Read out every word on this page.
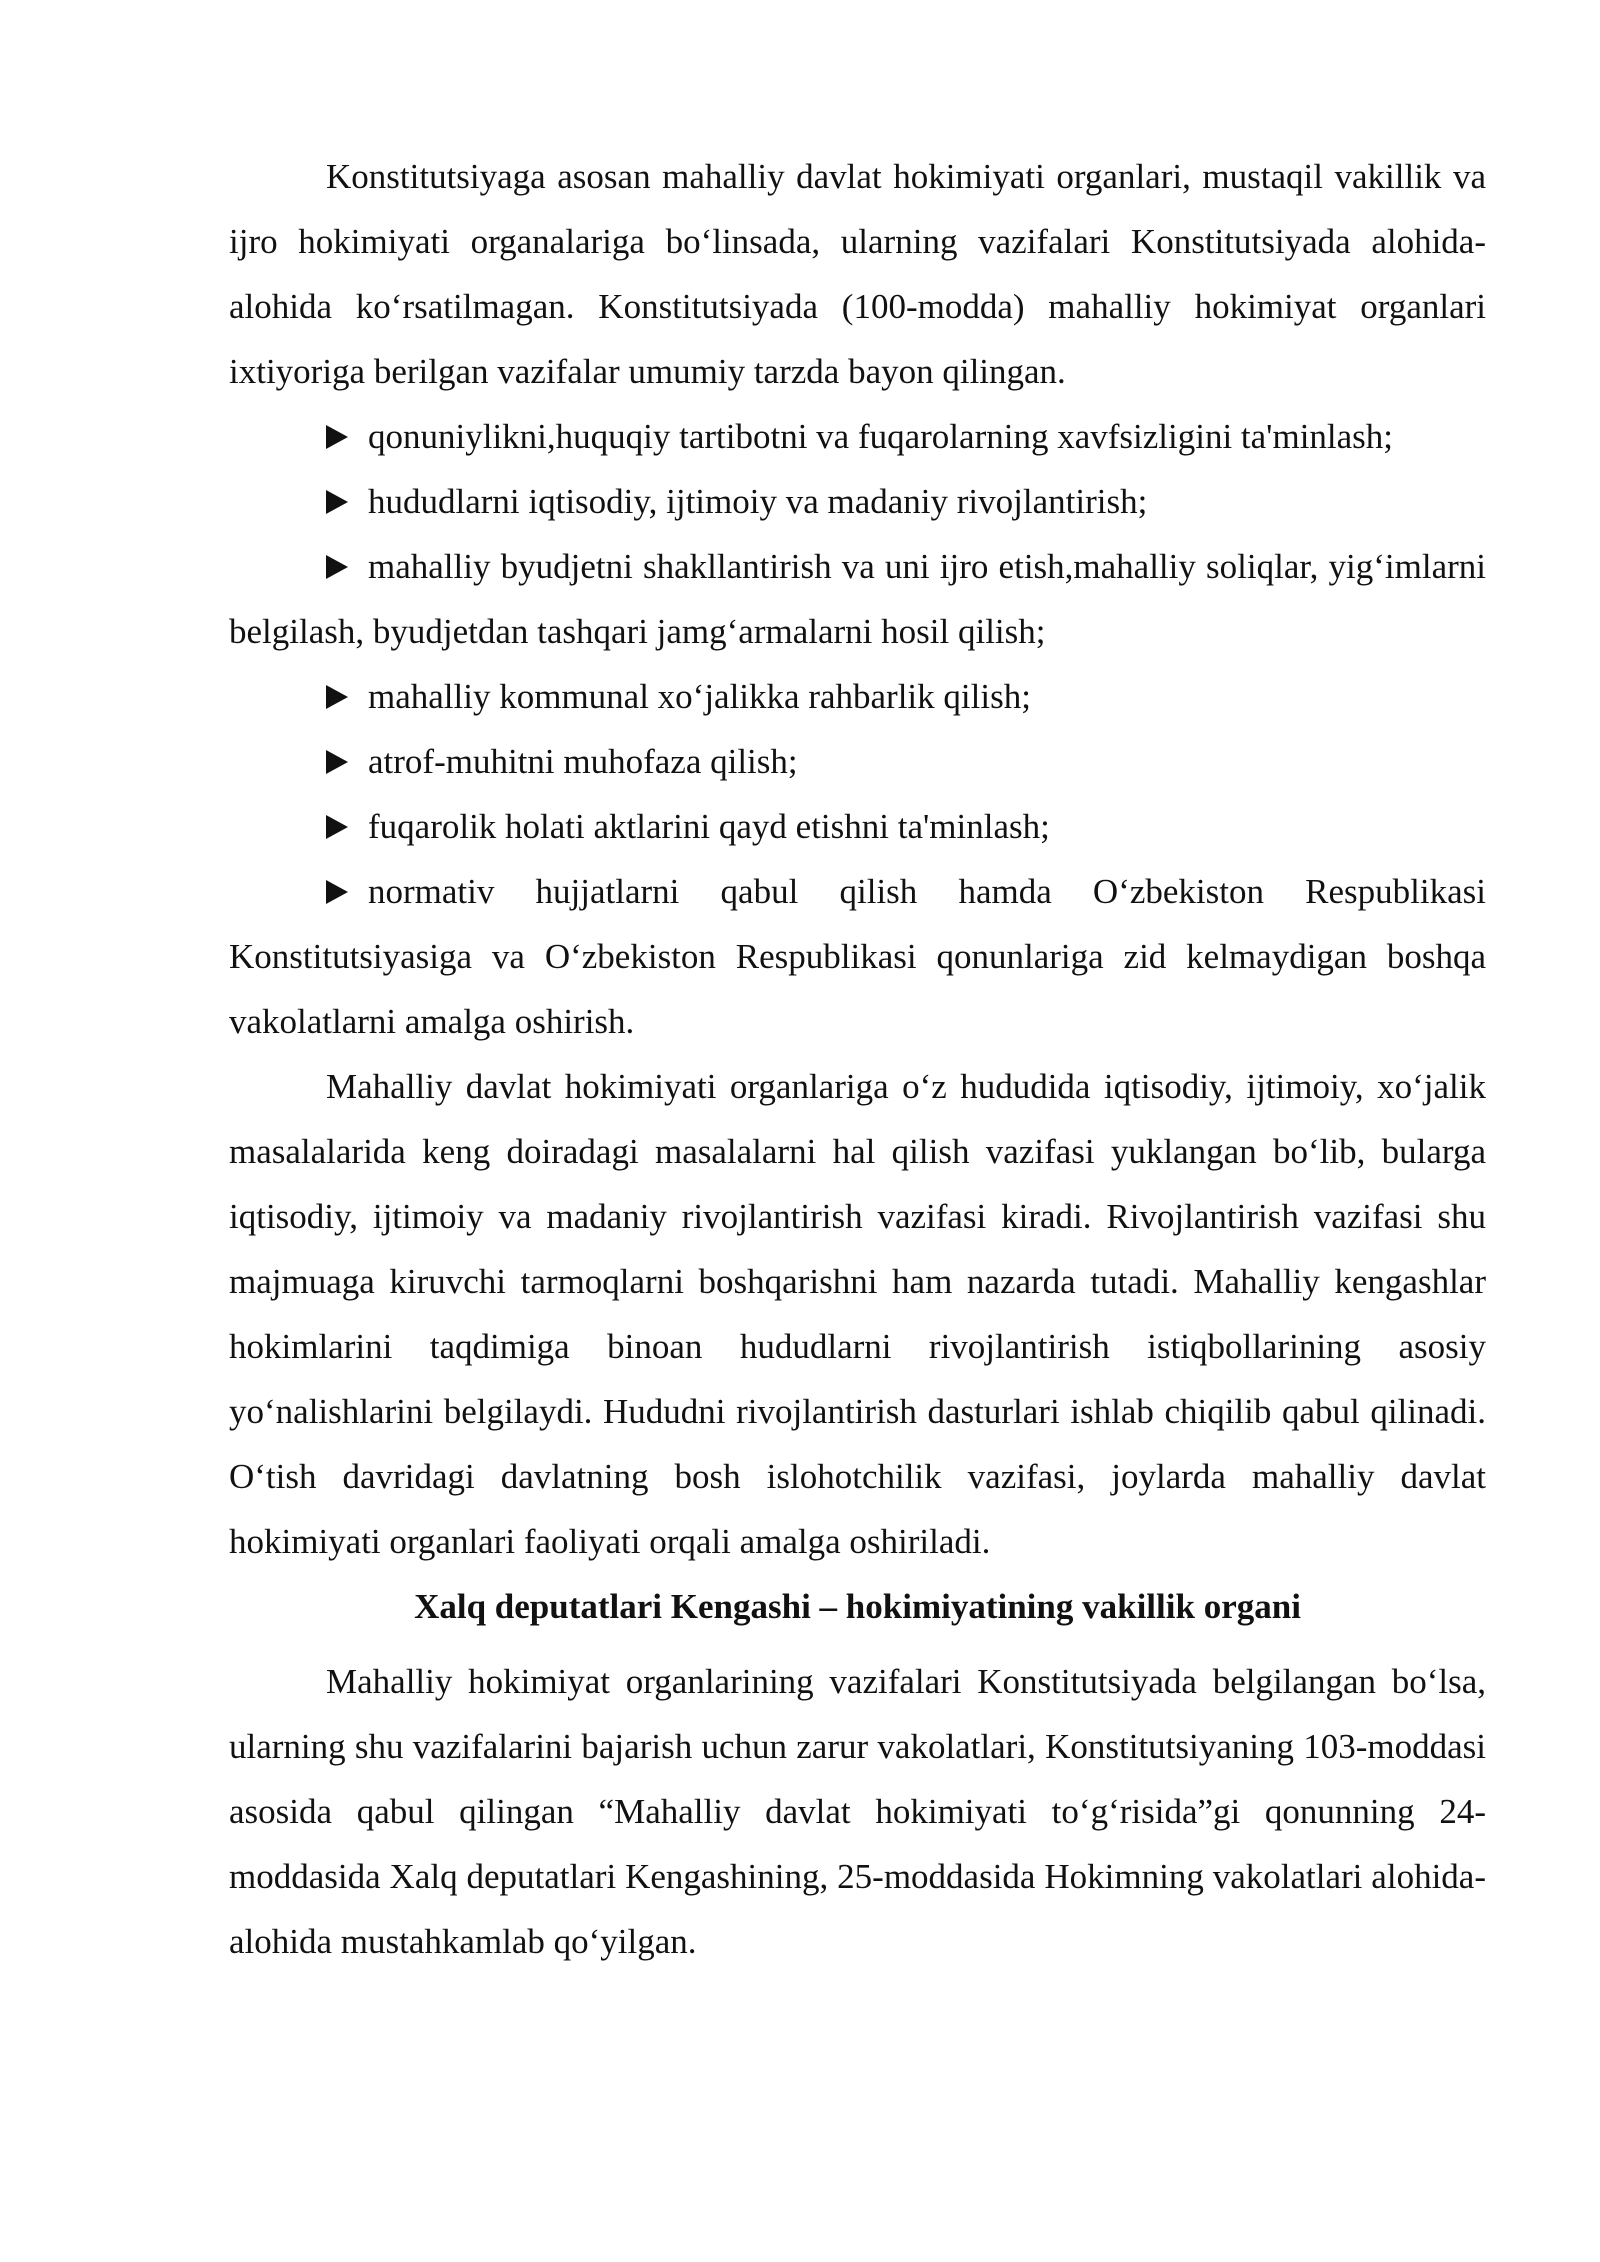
Konstitutsiyaga asosan mahalliy davlat hokimiyati organlari, mustaqil vakillik va ijro hokimiyati organalariga bo‘linsada, ularning vazifalari Konstitutsiyada alohida-alohida ko‘rsatilmagan. Konstitutsiyada (100-modda) mahalliy hokimiyat organlari ixtiyoriga berilgan vazifalar umumiy tarzda bayon qilingan.

qonuniylikni,huquqiy tartibotni va fuqarolarning xavfsizligini ta'minlash;

hududlarni iqtisodiy, ijtimoiy va madaniy rivojlantirish;

mahalliy byudjetni shakllantirish va uni ijro etish,mahalliy soliqlar, yig‘imlarni belgilash, byudjetdan tashqari jamg‘armalarni hosil qilish;

mahalliy kommunal xo‘jalikka rahbarlik qilish;

atrof-muhitni muhofaza qilish;

fuqarolik holati aktlarini qayd etishni ta'minlash;

normativ hujjatlarni qabul qilish hamda O‘zbekiston Respublikasi Konstitutsiyasiga va O‘zbekiston Respublikasi qonunlariga zid kelmaydigan boshqa vakolatlarni amalga oshirish.

Mahalliy davlat hokimiyati organlariga o‘z hududida iqtisodiy, ijtimoiy, xo‘jalik masalalarida keng doiradagi masalalarni hal qilish vazifasi yuklangan bo‘lib, bularga iqtisodiy, ijtimoiy va madaniy rivojlantirish vazifasi kiradi. Rivojlantirish vazifasi shu majmuaga kiruvchi tarmoqlarni boshqarishni ham nazarda tutadi. Mahalliy kengashlar hokimlarini taqdimiga binoan hududlarni rivojlantirish istiqbollarining asosiy yo‘nalishlarini belgilaydi. Hududni rivojlantirish dasturlari ishlab chiqilib qabul qilinadi. O‘tish davridagi davlatning bosh islohotchilik vazifasi, joylarda mahalliy davlat hokimiyati organlari faoliyati orqali amalga oshiriladi.

Xalq deputatlari Kengashi – hokimiyatining vakillik organi

Mahalliy hokimiyat organlarining vazifalari Konstitutsiyada belgilangan bo‘lsa, ularning shu vazifalarini bajarish uchun zarur vakolatlari, Konstitutsiyaning 103-moddasi asosida qabul qilingan “Mahalliy davlat hokimiyati to‘g‘risida”gi qonunning 24-moddasida Xalq deputatlari Kengashining, 25-moddasida Hokimning vakolatlari alohida-alohida mustahkamlab qo‘yilgan.
